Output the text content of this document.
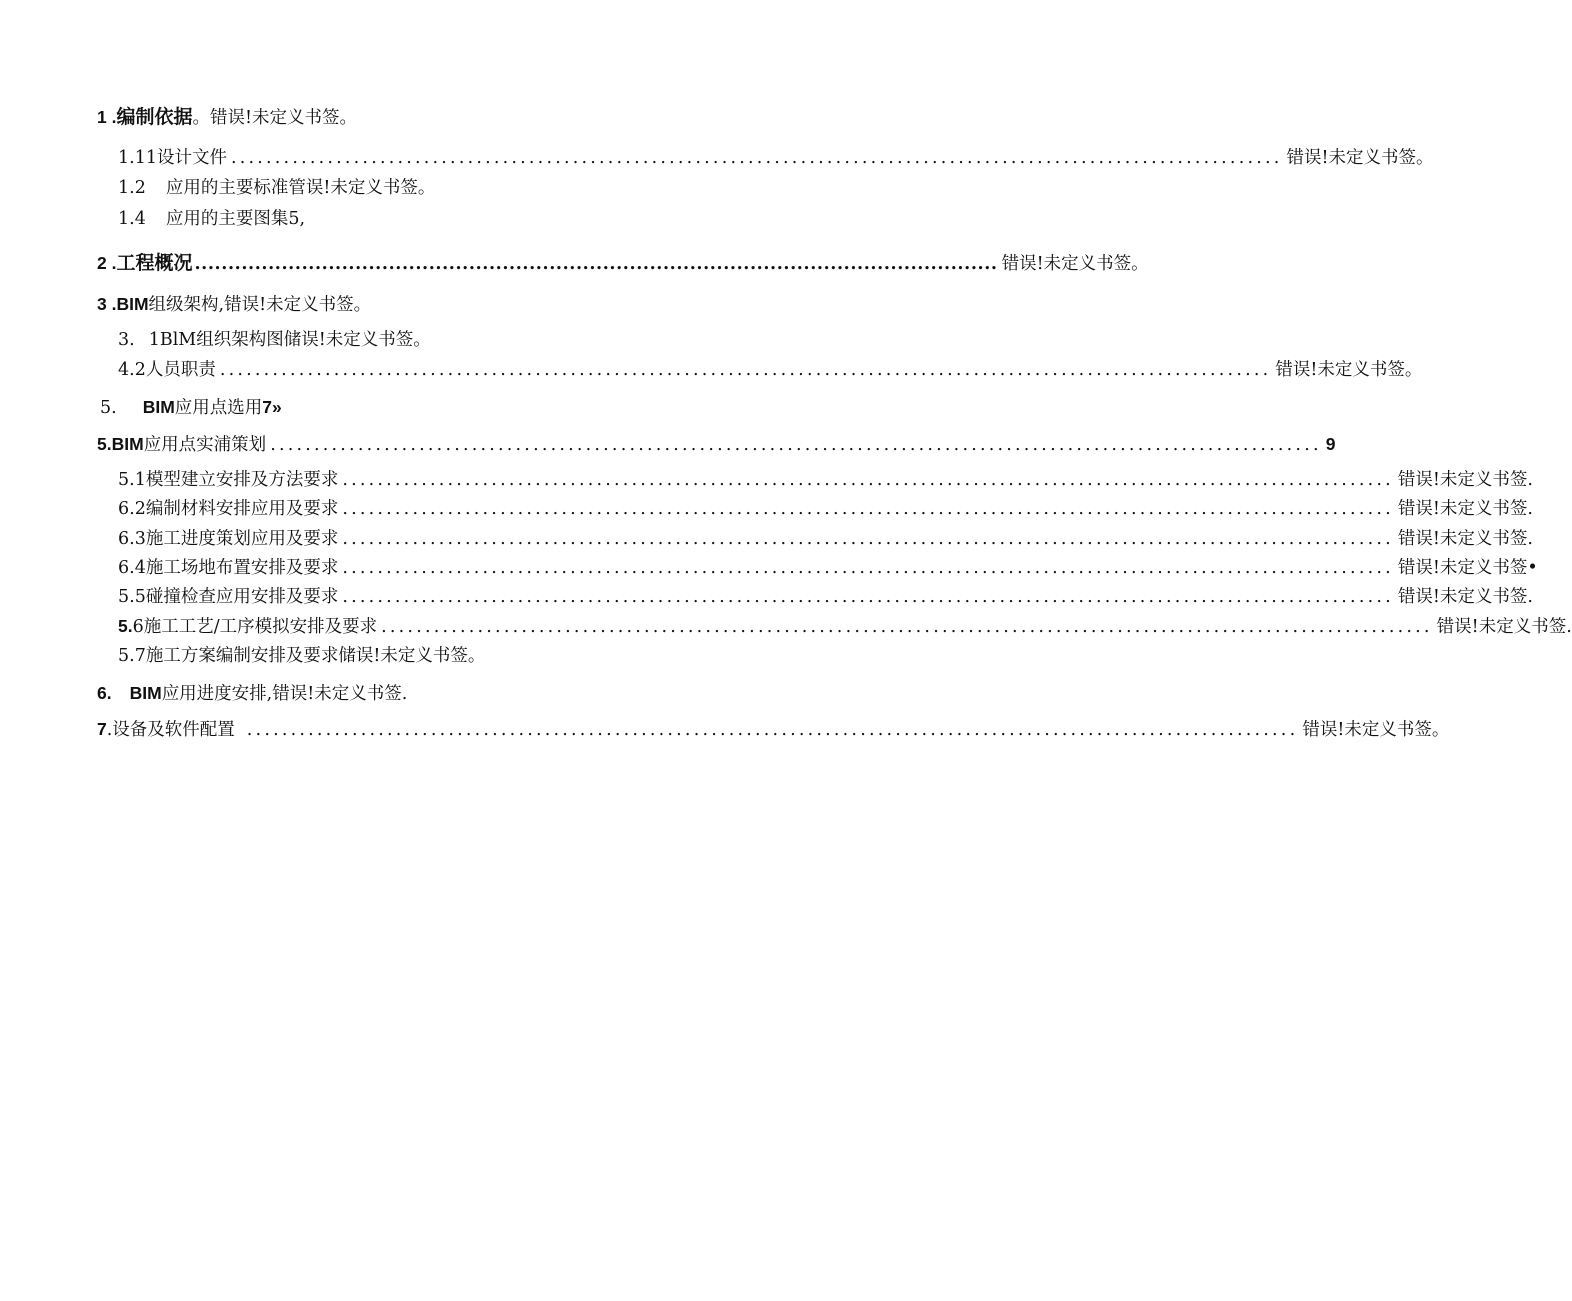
1 . 编制依据 。错误!未定义书签。
1.1 1设计文件 ........................................................................................................................ 错误!未定义书签。
1.2 应用的主要标准管误!未定义书签。
1.4 应用的主要图集5,
2 . 工程概况 ........................................................................................................................ 错误!未定义书签。
3 . BIM 组级架构,错误!未定义书签。
3. 1BlM组织架构图储误!未定义书签。
4. 2人员职责 ........................................................................................................................ 错误!未定义书签。
5. BIM 应用点选用 7»
5.BIM 应用点实浦策划 ........................................................................................................................ 9
5.1 模型建立安排及方法要求 ........................................................................................................................ 错误!未定义书签.
6. 2编制材料安排应用及要求 ........................................................................................................................ 错误!未定义书签.
6.3 施工进度策划应用及要求 ........................................................................................................................ 错误!未定义书签.
6.4 施工场地布置安排及要求 ........................................................................................................................ 错误!未定义书签•
5.5碰撞检查应用安排及要求 ........................................................................................................................ 错误!未定义书签.
5. 6施工工艺/工序模拟安排及要求 ........................................................................................................................ 错误!未定义书签.
5.7施工方案编制安排及要求储误!未定义书签。
6. BIM 应用进度安排,错误!未定义书签.
7 .设备及软件配置 ........................................................................................................................ 错误!未定义书签。
